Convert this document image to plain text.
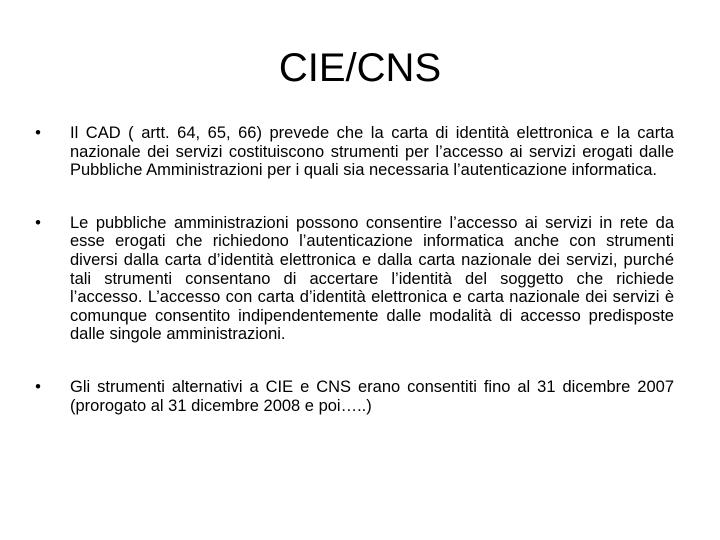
CIE/CNS
•	Il CAD ( artt. 64, 65, 66) prevede che la carta di identità elettronica e la carta nazionale dei servizi costituiscono strumenti per l’accesso ai servizi erogati dalle Pubbliche Amministrazioni per i quali sia necessaria l’autenticazione informatica.
•	Le pubbliche amministrazioni possono consentire l’accesso ai servizi in rete da esse erogati che richiedono l’autenticazione informatica anche con strumenti diversi dalla carta d’identità elettronica e dalla carta nazionale dei servizi, purché tali strumenti consentano di accertare l’identità del soggetto che richiede l’accesso. L’accesso con carta d’identità elettronica e carta nazionale dei servizi è comunque consentito indipendentemente dalle modalità di accesso predisposte dalle singole amministrazioni.
•	Gli strumenti alternativi a CIE e CNS erano consentiti fino al 31 dicembre 2007 (prorogato al 31 dicembre 2008 e poi…..)
